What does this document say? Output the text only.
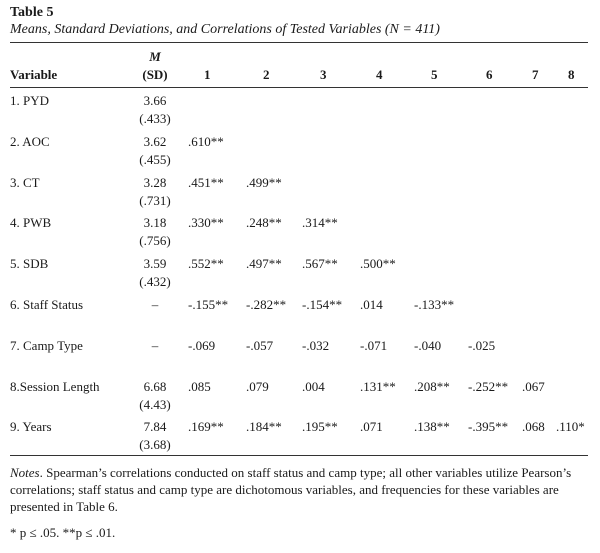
Table 5
Means, Standard Deviations, and Correlations of Tested Variables (N = 411)
Variable
M
(SD)	1	2	3	4	5	6	7 8
1. PYD	3.66
(.433)
2. AOC	3.62
(.455)
.610**
3. CT	3.28
(.731)
.451** .499**
4. PWB	3.18
(.756)
.330** .248** .314**
5. SDB	3.59
(.432)
.552** .497** .567** .500**
6. Staff Status	–	-.155** -.282** -.154** .014 -.133**
7. Camp Type	–	-.069 -.057 -.032 -.071 -.040 -.025
8.Session Length	6.68
(4.43)
.085	.079	.004	.131** .208** -.252** .067
9. Years	7.84
(3.68)
.169** .184** .195** .071 .138** -.395** .068 .110*
Notes. Spearman’s correlations conducted on staff status and camp type; all other variables utilize Pearson’s correlations; staff status and camp type are dichotomous variables, and frequencies for these variables are presented in Table 6.
* p ≤ .05. **p ≤ .01.
